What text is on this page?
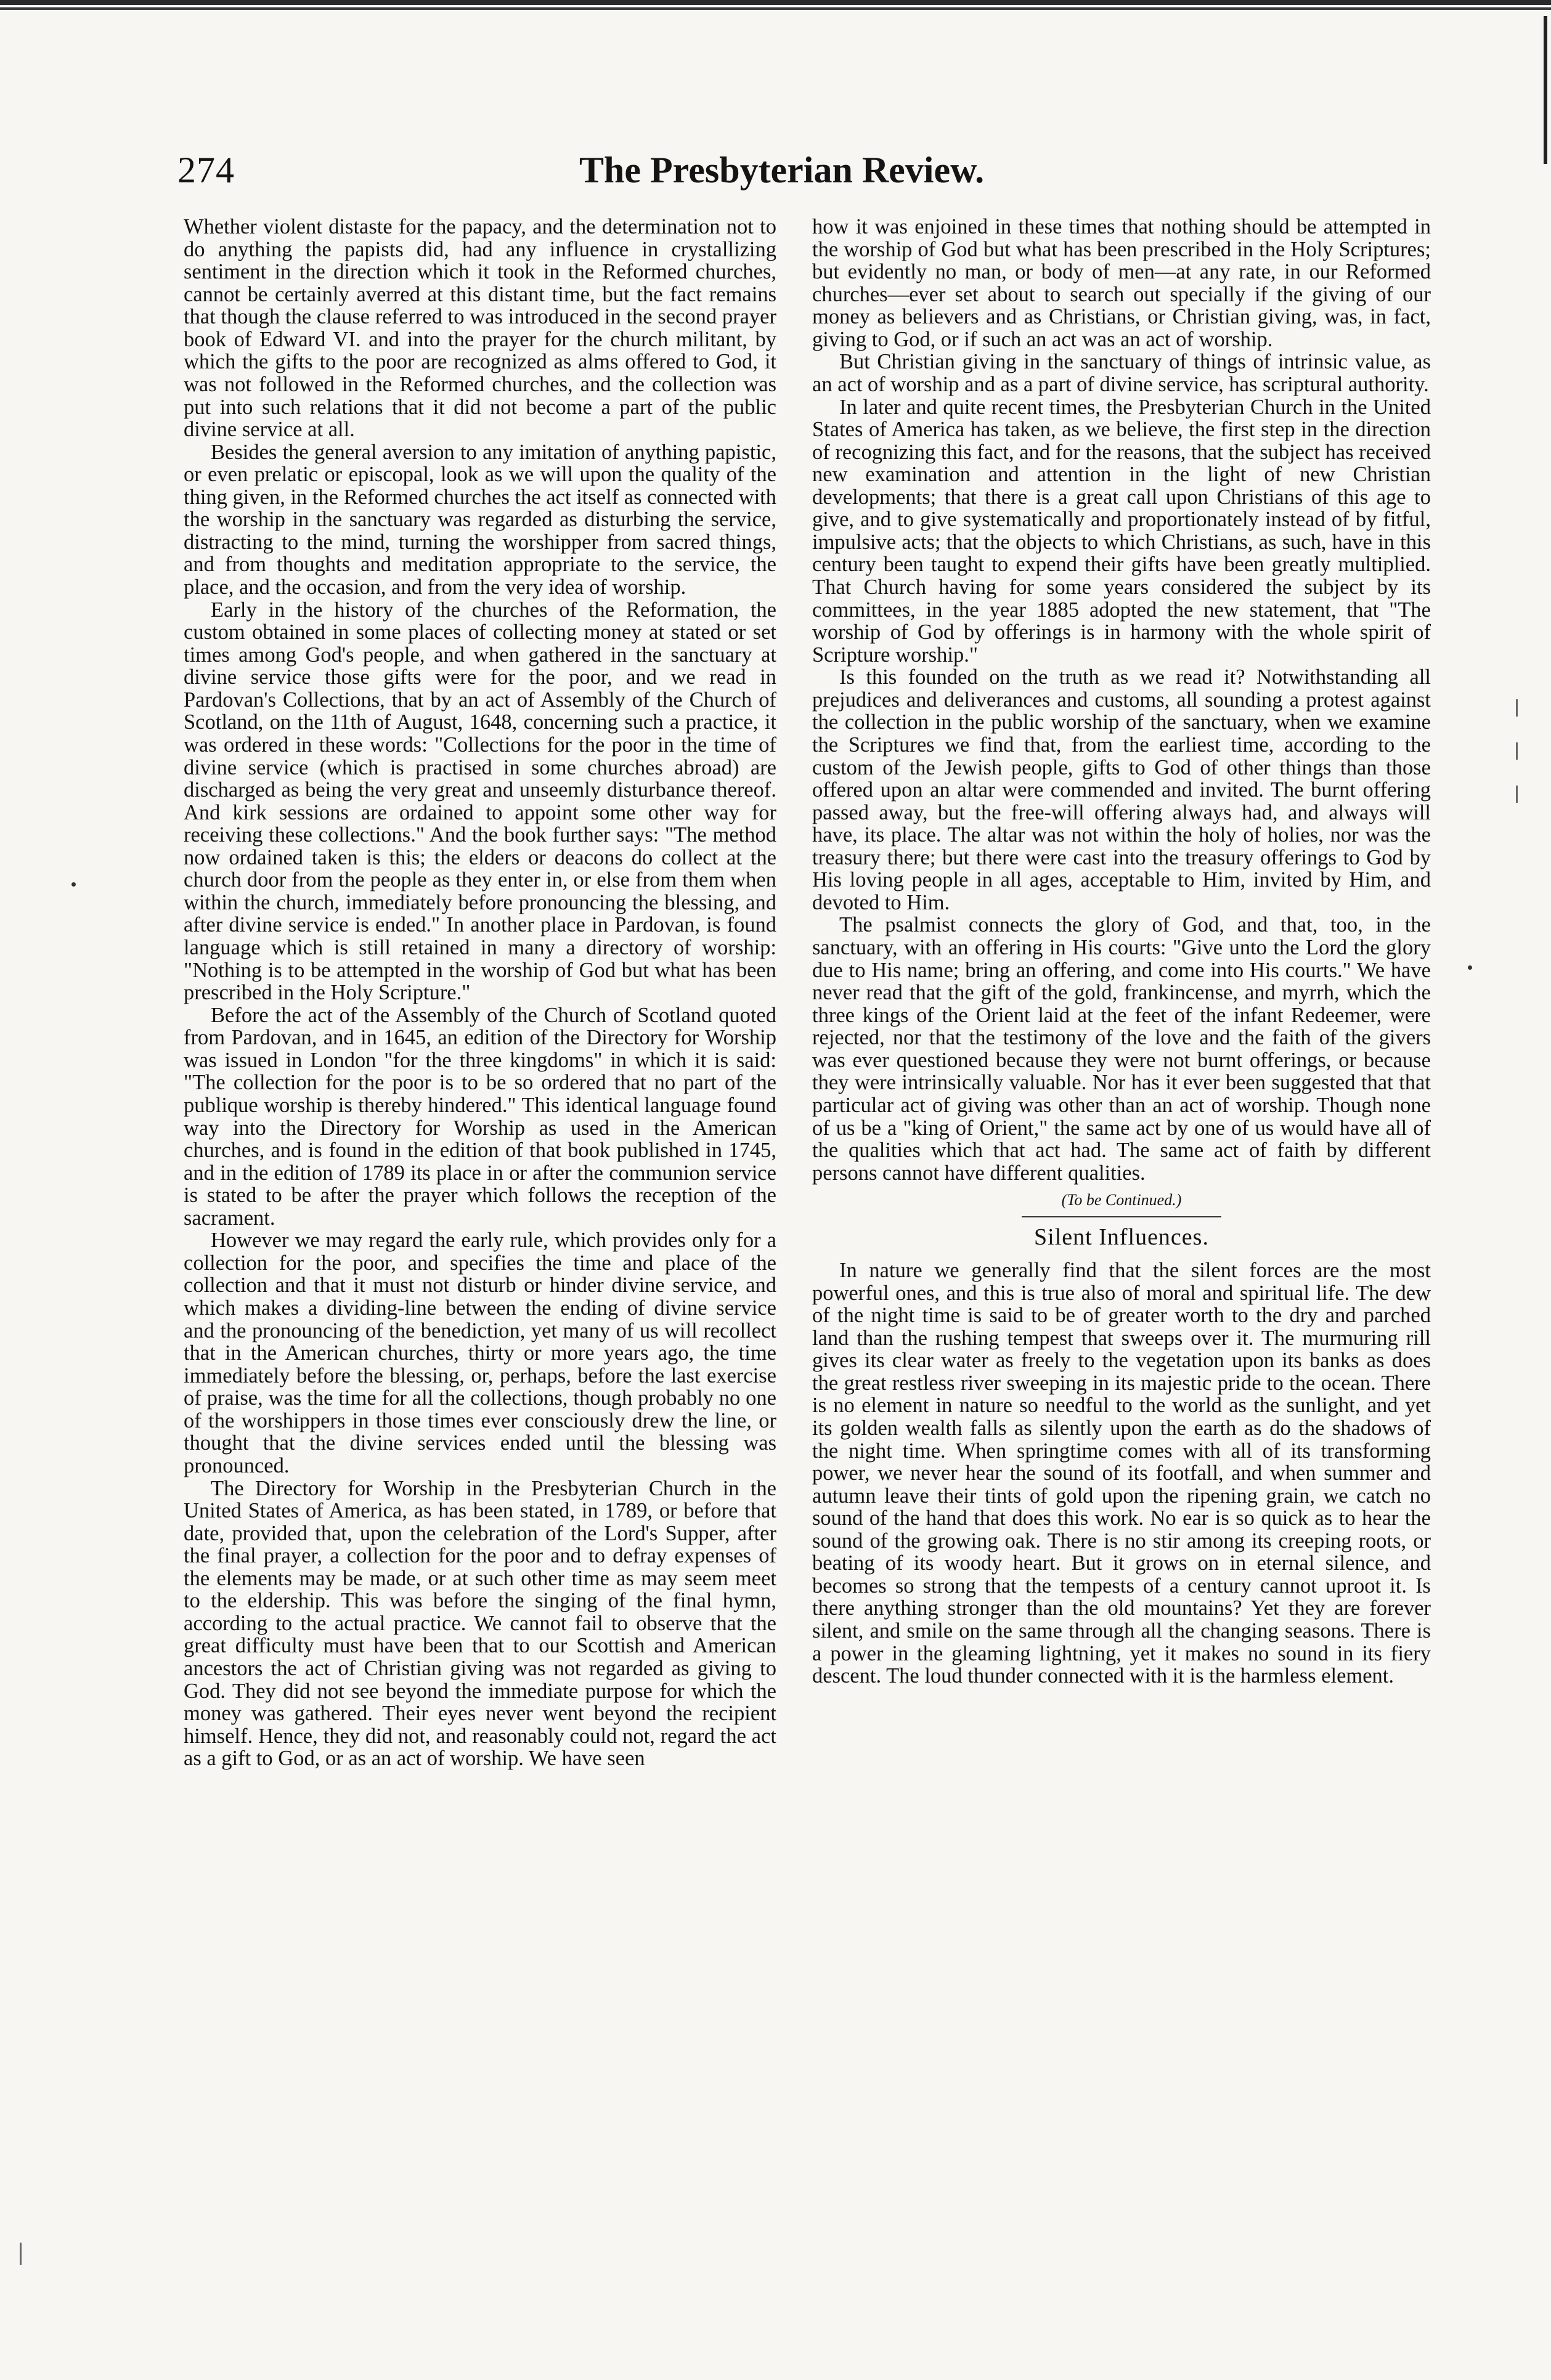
274	The Presbyterian Review.

Whether violent distaste for the papacy, and the determination not to do anything the papists did, had any influence in crystallizing sentiment in the direction which it took in the Reformed churches, cannot be certainly averred at this distant time, but the fact remains that though the clause referred to was introduced in the second prayer book of Edward VI. and into the prayer for the church militant, by which the gifts to the poor are recognized as alms offered to God, it was not followed in the Reformed churches, and the collection was put into such relations that it did not become a part of the public divine service at all.

Besides the general aversion to any imitation of anything papistic, or even prelatic or episcopal, look as we will upon the quality of the thing given, in the Reformed churches the act itself as connected with the worship in the sanctuary was regarded as disturbing the service, distracting to the mind, turning the worshipper from sacred things, and from thoughts and meditation appropriate to the service, the place, and the occasion, and from the very idea of worship.

Early in the history of the churches of the Reformation, the custom obtained in some places of collecting money at stated or set times among God's people, and when gathered in the sanctuary at divine service those gifts were for the poor, and we read in Pardovan's Collections, that by an act of Assembly of the Church of Scotland, on the 11th of August, 1648, concerning such a practice, it was ordered in these words: "Collections for the poor in the time of divine service (which is practised in some churches abroad) are discharged as being the very great and unseemly disturbance thereof. And kirk sessions are ordained to appoint some other way for receiving these collections." And the book further says: "The method now ordained taken is this; the elders or deacons do collect at the church door from the people as they enter in, or else from them when within the church, immediately before pronouncing the blessing, and after divine service is ended." In another place in Pardovan, is found language which is still retained in many a directory of worship: "Nothing is to be attempted in the worship of God but what has been prescribed in the Holy Scripture."

Before the act of the Assembly of the Church of Scotland quoted from Pardovan, and in 1645, an edition of the Directory for Worship was issued in London "for the three kingdoms" in which it is said: "The collection for the poor is to be so ordered that no part of the publique worship is thereby hindered." This identical language found way into the Directory for Worship as used in the American churches, and is found in the edition of that book published in 1745, and in the edition of 1789 its place in or after the communion service is stated to be after the prayer which follows the reception of the sacrament.

However we may regard the early rule, which provides only for a collection for the poor, and specifies the time and place of the collection and that it must not disturb or hinder divine service, and which makes a dividing-line between the ending of divine service and the pronouncing of the benediction, yet many of us will recollect that in the American churches, thirty or more years ago, the time immediately before the blessing, or, perhaps, before the last exercise of praise, was the time for all the collections, though probably no one of the worshippers in those times ever consciously drew the line, or thought that the divine services ended until the blessing was pronounced.

The Directory for Worship in the Presbyterian Church in the United States of America, as has been stated, in 1789, or before that date, provided that, upon the celebration of the Lord's Supper, after the final prayer, a collection for the poor and to defray expenses of the elements may be made, or at such other time as may seem meet to the eldership. This was before the singing of the final hymn, according to the actual practice. We cannot fail to observe that the great difficulty must have been that to our Scottish and American ancestors the act of Christian giving was not regarded as giving to God. They did not see beyond the immediate purpose for which the money was gathered. Their eyes never went beyond the recipient himself. Hence, they did not, and reasonably could not, regard the act as a gift to God, or as an act of worship. We have seen

how it was enjoined in these times that nothing should be attempted in the worship of God but what has been prescribed in the Holy Scriptures; but evidently no man, or body of men—at any rate, in our Reformed churches—ever set about to search out specially if the giving of our money as believers and as Christians, or Christian giving, was, in fact, giving to God, or if such an act was an act of worship.

But Christian giving in the sanctuary of things of intrinsic value, as an act of worship and as a part of divine service, has scriptural authority.

In later and quite recent times, the Presbyterian Church in the United States of America has taken, as we believe, the first step in the direction of recognizing this fact, and for the reasons, that the subject has received new examination and attention in the light of new Christian developments; that there is a great call upon Christians of this age to give, and to give systematically and proportionately instead of by fitful, impulsive acts; that the objects to which Christians, as such, have in this century been taught to expend their gifts have been greatly multiplied. That Church having for some years considered the subject by its committees, in the year 1885 adopted the new statement, that "The worship of God by offerings is in harmony with the whole spirit of Scripture worship."

Is this founded on the truth as we read it? Notwithstanding all prejudices and deliverances and customs, all sounding a protest against the collection in the public worship of the sanctuary, when we examine the Scriptures we find that, from the earliest time, according to the custom of the Jewish people, gifts to God of other things than those offered upon an altar were commended and invited. The burnt offering passed away, but the free-will offering always had, and always will have, its place. The altar was not within the holy of holies, nor was the treasury there; but there were cast into the treasury offerings to God by His loving people in all ages, acceptable to Him, invited by Him, and devoted to Him.

The psalmist connects the glory of God, and that, too, in the sanctuary, with an offering in His courts: "Give unto the Lord the glory due to His name; bring an offering, and come into His courts." We have never read that the gift of the gold, frankincense, and myrrh, which the three kings of the Orient laid at the feet of the infant Redeemer, were rejected, nor that the testimony of the love and the faith of the givers was ever questioned because they were not burnt offerings, or because they were intrinsically valuable. Nor has it ever been suggested that that particular act of giving was other than an act of worship. Though none of us be a "king of Orient," the same act by one of us would have all of the qualities which that act had. The same act of faith by different persons cannot have different qualities.

(To be Continued.)

Silent Influences.

In nature we generally find that the silent forces are the most powerful ones, and this is true also of moral and spiritual life. The dew of the night time is said to be of greater worth to the dry and parched land than the rushing tempest that sweeps over it. The murmuring rill gives its clear water as freely to the vegetation upon its banks as does the great restless river sweeping in its majestic pride to the ocean. There is no element in nature so needful to the world as the sunlight, and yet its golden wealth falls as silently upon the earth as do the shadows of the night time. When springtime comes with all of its transforming power, we never hear the sound of its footfall, and when summer and autumn leave their tints of gold upon the ripening grain, we catch no sound of the hand that does this work. No ear is so quick as to hear the sound of the growing oak. There is no stir among its creeping roots, or beating of its woody heart. But it grows on in eternal silence, and becomes so strong that the tempests of a century cannot uproot it. Is there anything stronger than the old mountains? Yet they are forever silent, and smile on the same through all the changing seasons. There is a power in the gleaming lightning, yet it makes no sound in its fiery descent. The loud thunder connected with it is the harmless element.
